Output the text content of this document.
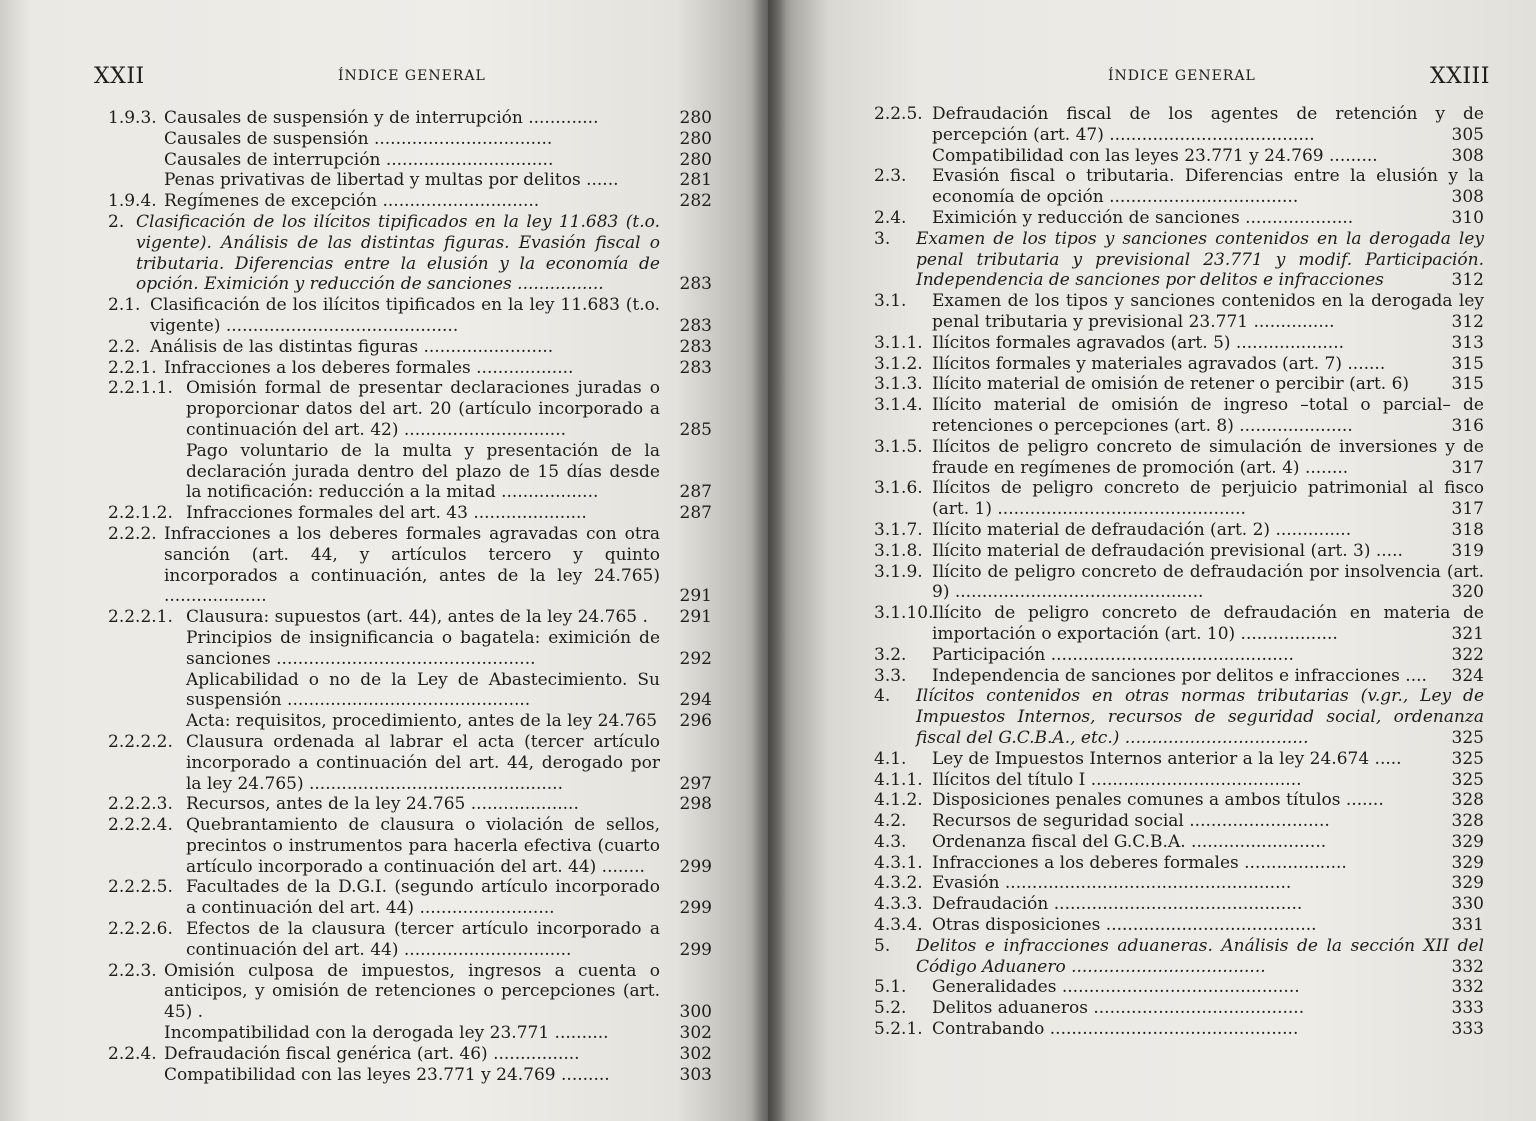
XXII	ÍNDICE GENERAL
1.9.3. Causales de suspensión y de interrupción .............	280
Causales de suspensión .................................	280
Causales de interrupción ...............................	280
Penas privativas de libertad y multas por delitos ......	281
1.9.4. Regímenes de excepción .............................	282
2. Clasificación de los ilícitos tipificados en la ley 11.683 (t.o. vigente). Análisis de las distintas figuras. Evasión fiscal o tributaria. Diferencias entre la elusión y la economía de opción. Eximición y reducción de sanciones ................	283
2.1. Clasificación de los ilícitos tipificados en la ley 11.683 (t.o. vigente) ...........................................	283
2.2. Análisis de las distintas figuras ........................	283
2.2.1. Infracciones a los deberes formales ..................	283
2.2.1.1. Omisión formal de presentar declaraciones juradas o proporcionar datos del art. 20 (artículo incorporado a continuación del art. 42) ..............................	285
Pago voluntario de la multa y presentación de la declaración jurada dentro del plazo de 15 días desde la notificación: reducción a la mitad ..................	287
2.2.1.2. Infracciones formales del art. 43 .....................	287
2.2.2. Infracciones a los deberes formales agravadas con otra sanción (art. 44, y artículos tercero y quinto incorporados a continuación, antes de la ley 24.765) ...................	291
2.2.2.1. Clausura: supuestos (art. 44), antes de la ley 24.765 .	291
Principios de insignificancia o bagatela: eximición de sanciones ................................................	292
Aplicabilidad o no de la Ley de Abastecimiento. Su suspensión .............................................	294
Acta: requisitos, procedimiento, antes de la ley 24.765	296
2.2.2.2. Clausura ordenada al labrar el acta (tercer artículo incorporado a continuación del art. 44, derogado por la ley 24.765) ...............................................	297
2.2.2.3. Recursos, antes de la ley 24.765 ....................	298
2.2.2.4. Quebrantamiento de clausura o violación de sellos, precintos o instrumentos para hacerla efectiva (cuarto artículo incorporado a continuación del art. 44) ........	299
2.2.2.5. Facultades de la D.G.I. (segundo artículo incorporado a continuación del art. 44) .........................	299
2.2.2.6. Efectos de la clausura (tercer artículo incorporado a continuación del art. 44) ...............................	299
2.2.3. Omisión culposa de impuestos, ingresos a cuenta o anticipos, y omisión de retenciones o percepciones (art. 45) .	300
Incompatibilidad con la derogada ley 23.771 ..........	302
2.2.4. Defraudación fiscal genérica (art. 46) ................	302
Compatibilidad con las leyes 23.771 y 24.769 .........	303
ÍNDICE GENERAL	XXIII
2.2.5. Defraudación fiscal de los agentes de retención y de percepción (art. 47) ......................................	305
Compatibilidad con las leyes 23.771 y 24.769 .........	308
2.3.	Evasión fiscal o tributaria. Diferencias entre la elusión y la economía de opción ...................................	308
2.4.	Eximición y reducción de sanciones ....................	310
3.	Examen de los tipos y sanciones contenidos en la derogada ley penal tributaria y previsional 23.771 y modif. Participación. Independencia de sanciones por delitos e infracciones	312
3.1.	Examen de los tipos y sanciones contenidos en la derogada ley penal tributaria y previsional 23.771 ...............	312
3.1.1. Ilícitos formales agravados (art. 5) ....................	313
3.1.2. Ilícitos formales y materiales agravados (art. 7) .......	315
3.1.3. Ilícito material de omisión de retener o percibir (art. 6)	315
3.1.4. Ilícito material de omisión de ingreso –total o parcial– de retenciones o percepciones (art. 8) .....................	316
3.1.5. Ilícitos de peligro concreto de simulación de inversiones y de fraude en regímenes de promoción (art. 4) ........	317
3.1.6. Ilícitos de peligro concreto de perjuicio patrimonial al fisco (art. 1) ..............................................	317
3.1.7. Ilícito material de defraudación (art. 2) ..............	318
3.1.8. Ilícito material de defraudación previsional (art. 3) .....	319
3.1.9. Ilícito de peligro concreto de defraudación por insolvencia (art. 9) ..............................................	320
3.1.10.
Ilícito de peligro concreto de defraudación en materia de importación o exportación (art. 10) ..................	321
3.2.	Participación .............................................	322
3.3.	Independencia de sanciones por delitos e infracciones ....	324
4.	Ilícitos contenidos en otras normas tributarias (v.gr., Ley de Impuestos Internos, recursos de seguridad social, ordenanza fiscal del G.C.B.A., etc.) ..................................	325
4.1.	Ley de Impuestos Internos anterior a la ley 24.674 .....	325
4.1.1. Ilícitos del título I .......................................	325
4.1.2. Disposiciones penales comunes a ambos títulos .......	328
4.2.	Recursos de seguridad social ..........................	328
4.3.	Ordenanza fiscal del G.C.B.A. .........................	329
4.3.1. Infracciones a los deberes formales ...................	329
4.3.2. Evasión .....................................................	329
4.3.3. Defraudación ..............................................	330
4.3.4. Otras disposiciones .......................................	331
5.	Delitos e infracciones aduaneras. Análisis de la sección XII del Código Aduanero ....................................	332
5.1.	Generalidades ............................................	332
5.2.	Delitos aduaneros .......................................	333
5.2.1. Contrabando ..............................................	333
